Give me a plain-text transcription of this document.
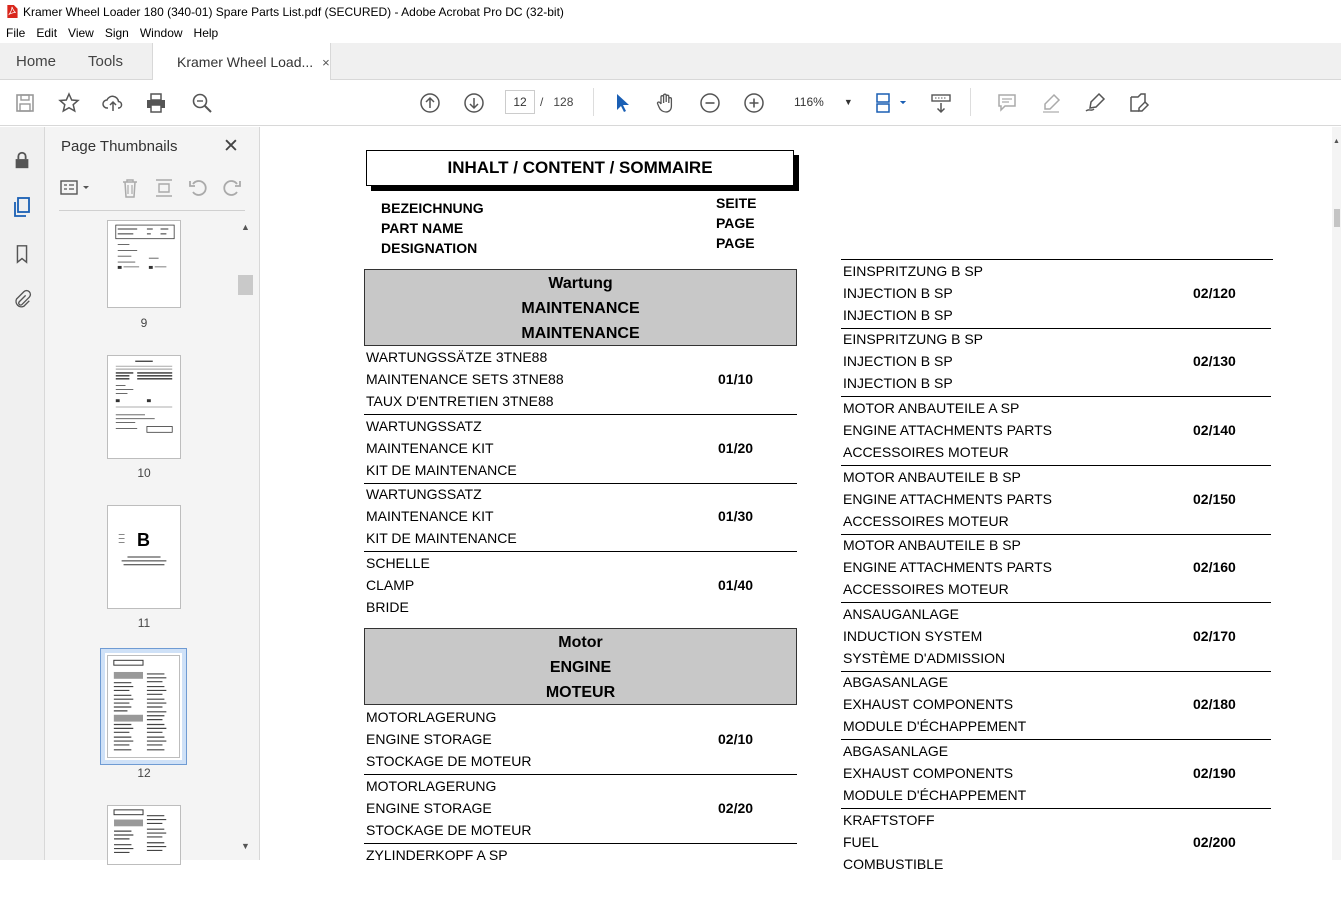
Kramer Wheel Loader 180 (340-01) Spare Parts List.pdf (SECURED) - Adobe Acrobat Pro DC (32-bit)
File Edit View Sign Window Help
Home Tools	Kramer Wheel Load... ×
12	/ 128	116% ▼
Page Thumbnails ✕
9
10
B
11
12
▲
▼
INHALT / CONTENT / SOMMAIRE
BEZEICHNUNG
PART NAME
DESIGNATION
SEITE
PAGE
PAGE
Wartung
MAINTENANCE
MAINTENANCE
WARTUNGSSÄTZE 3TNE88
MAINTENANCE SETS 3TNE88
TAUX D'ENTRETIEN 3TNE88
01/10
WARTUNGSSATZ
MAINTENANCE KIT
KIT DE MAINTENANCE
01/20
WARTUNGSSATZ
MAINTENANCE KIT
KIT DE MAINTENANCE
01/30
SCHELLE
CLAMP
BRIDE
01/40
Motor
ENGINE
MOTEUR
MOTORLAGERUNG
ENGINE STORAGE
STOCKAGE DE MOTEUR
02/10
MOTORLAGERUNG
ENGINE STORAGE
STOCKAGE DE MOTEUR
02/20
ZYLINDERKOPF A SP
EINSPRITZUNG B SP
INJECTION B SP
INJECTION B SP
02/120
EINSPRITZUNG B SP
INJECTION B SP
INJECTION B SP
02/130
MOTOR ANBAUTEILE A SP
ENGINE ATTACHMENTS PARTS
ACCESSOIRES MOTEUR
02/140
MOTOR ANBAUTEILE B SP
ENGINE ATTACHMENTS PARTS
ACCESSOIRES MOTEUR
02/150
MOTOR ANBAUTEILE B SP
ENGINE ATTACHMENTS PARTS
ACCESSOIRES MOTEUR
02/160
ANSAUGANLAGE
INDUCTION SYSTEM
SYSTÈME D'ADMISSION
02/170
ABGASANLAGE
EXHAUST COMPONENTS
MODULE D'ÉCHAPPEMENT
02/180
ABGASANLAGE
EXHAUST COMPONENTS
MODULE D'ÉCHAPPEMENT
02/190
KRAFTSTOFF
FUEL
COMBUSTIBLE
02/200
▲
